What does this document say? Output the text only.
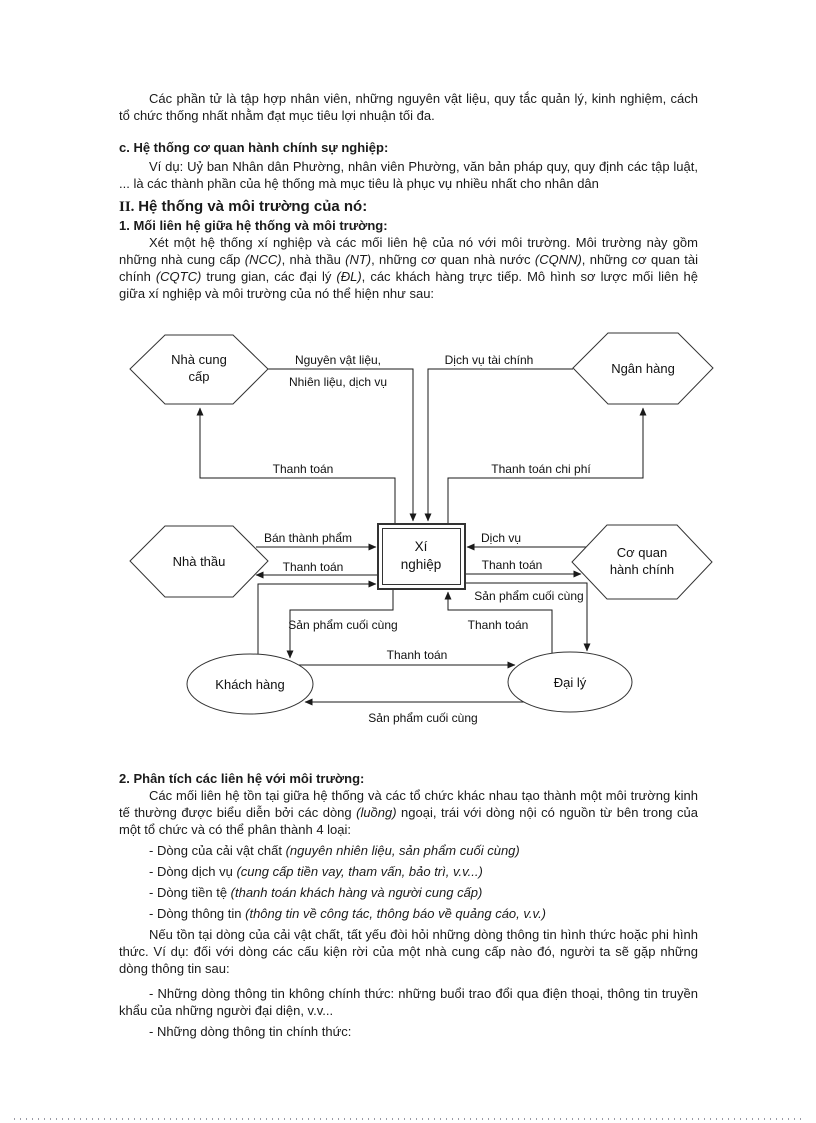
Các phần tử là tập hợp nhân viên, những nguyên vật liệu, quy tắc quản lý, kinh nghiệm, cách tổ chức thống nhất nhằm đạt mục tiêu lợi nhuận tối đa.

c. Hệ thống cơ quan hành chính sự nghiệp:

Ví dụ: Uỷ ban Nhân dân Phường, nhân viên Phường, văn bản pháp quy, quy định các tập luật, ... là các thành phần của hệ thống mà mục tiêu là phục vụ nhiều nhất cho nhân dân

II. Hệ thống và môi trường của nó:

1. Mối liên hệ giữa hệ thống và môi trường:

Xét một hệ thống xí nghiệp và các mối liên hệ của nó với môi trường. Môi trường này gồm những nhà cung cấp (NCC), nhà thầu (NT), những cơ quan nhà nước (CQNN), những cơ quan tài chính (CQTC) trung gian, các đại lý (ĐL), các khách hàng trực tiếp. Mô hình sơ lược mối liên hệ giữa xí nghiệp và môi trường của nó thể hiện như sau:

Nhà cung
cấp
Ngân hàng
Nhà thầu
Cơ quan
hành chính
Xí
nghiệp
Khách hàng	Đại lý
Nguyên vật liệu,
Nhiên liệu, dịch vụ
Dịch vụ tài chính
Thanh toán	Thanh toán chi phí
Bán thành phẩm
Thanh toán
Dịch vụ
Thanh toán
Sản phẩm cuối cùng
Thanh toán
Sản phẩm cuối cùng
Thanh toán
Sản phẩm cuối cùng

2. Phân tích các liên hệ với môi trường:

Các mối liên hệ tồn tại giữa hệ thống và các tổ chức khác nhau tạo thành một môi trường kinh tế thường được biểu diễn bởi các dòng (luồng) ngoại, trái với dòng nội có nguồn từ bên trong của một tổ chức và có thể phân thành 4 loại:

- Dòng của cải vật chất (nguyên nhiên liệu, sản phẩm cuối cùng)

- Dòng dịch vụ (cung cấp tiền vay, tham vấn, bảo trì, v.v...)

- Dòng tiền tệ (thanh toán khách hàng và người cung cấp)

- Dòng thông tin (thông tin về công tác, thông báo về quảng cáo, v.v.)

Nếu tồn tại dòng của cải vật chất, tất yếu đòi hỏi những dòng thông tin hình thức hoặc phi hình thức. Ví dụ: đối với dòng các cấu kiện rời của một nhà cung cấp nào đó, người ta sẽ gặp những dòng thông tin sau:

- Những dòng thông tin không chính thức: những buổi trao đổi qua điện thoại, thông tin truyền khẩu của những người đại diện, v.v...

- Những dòng thông tin chính thức:
